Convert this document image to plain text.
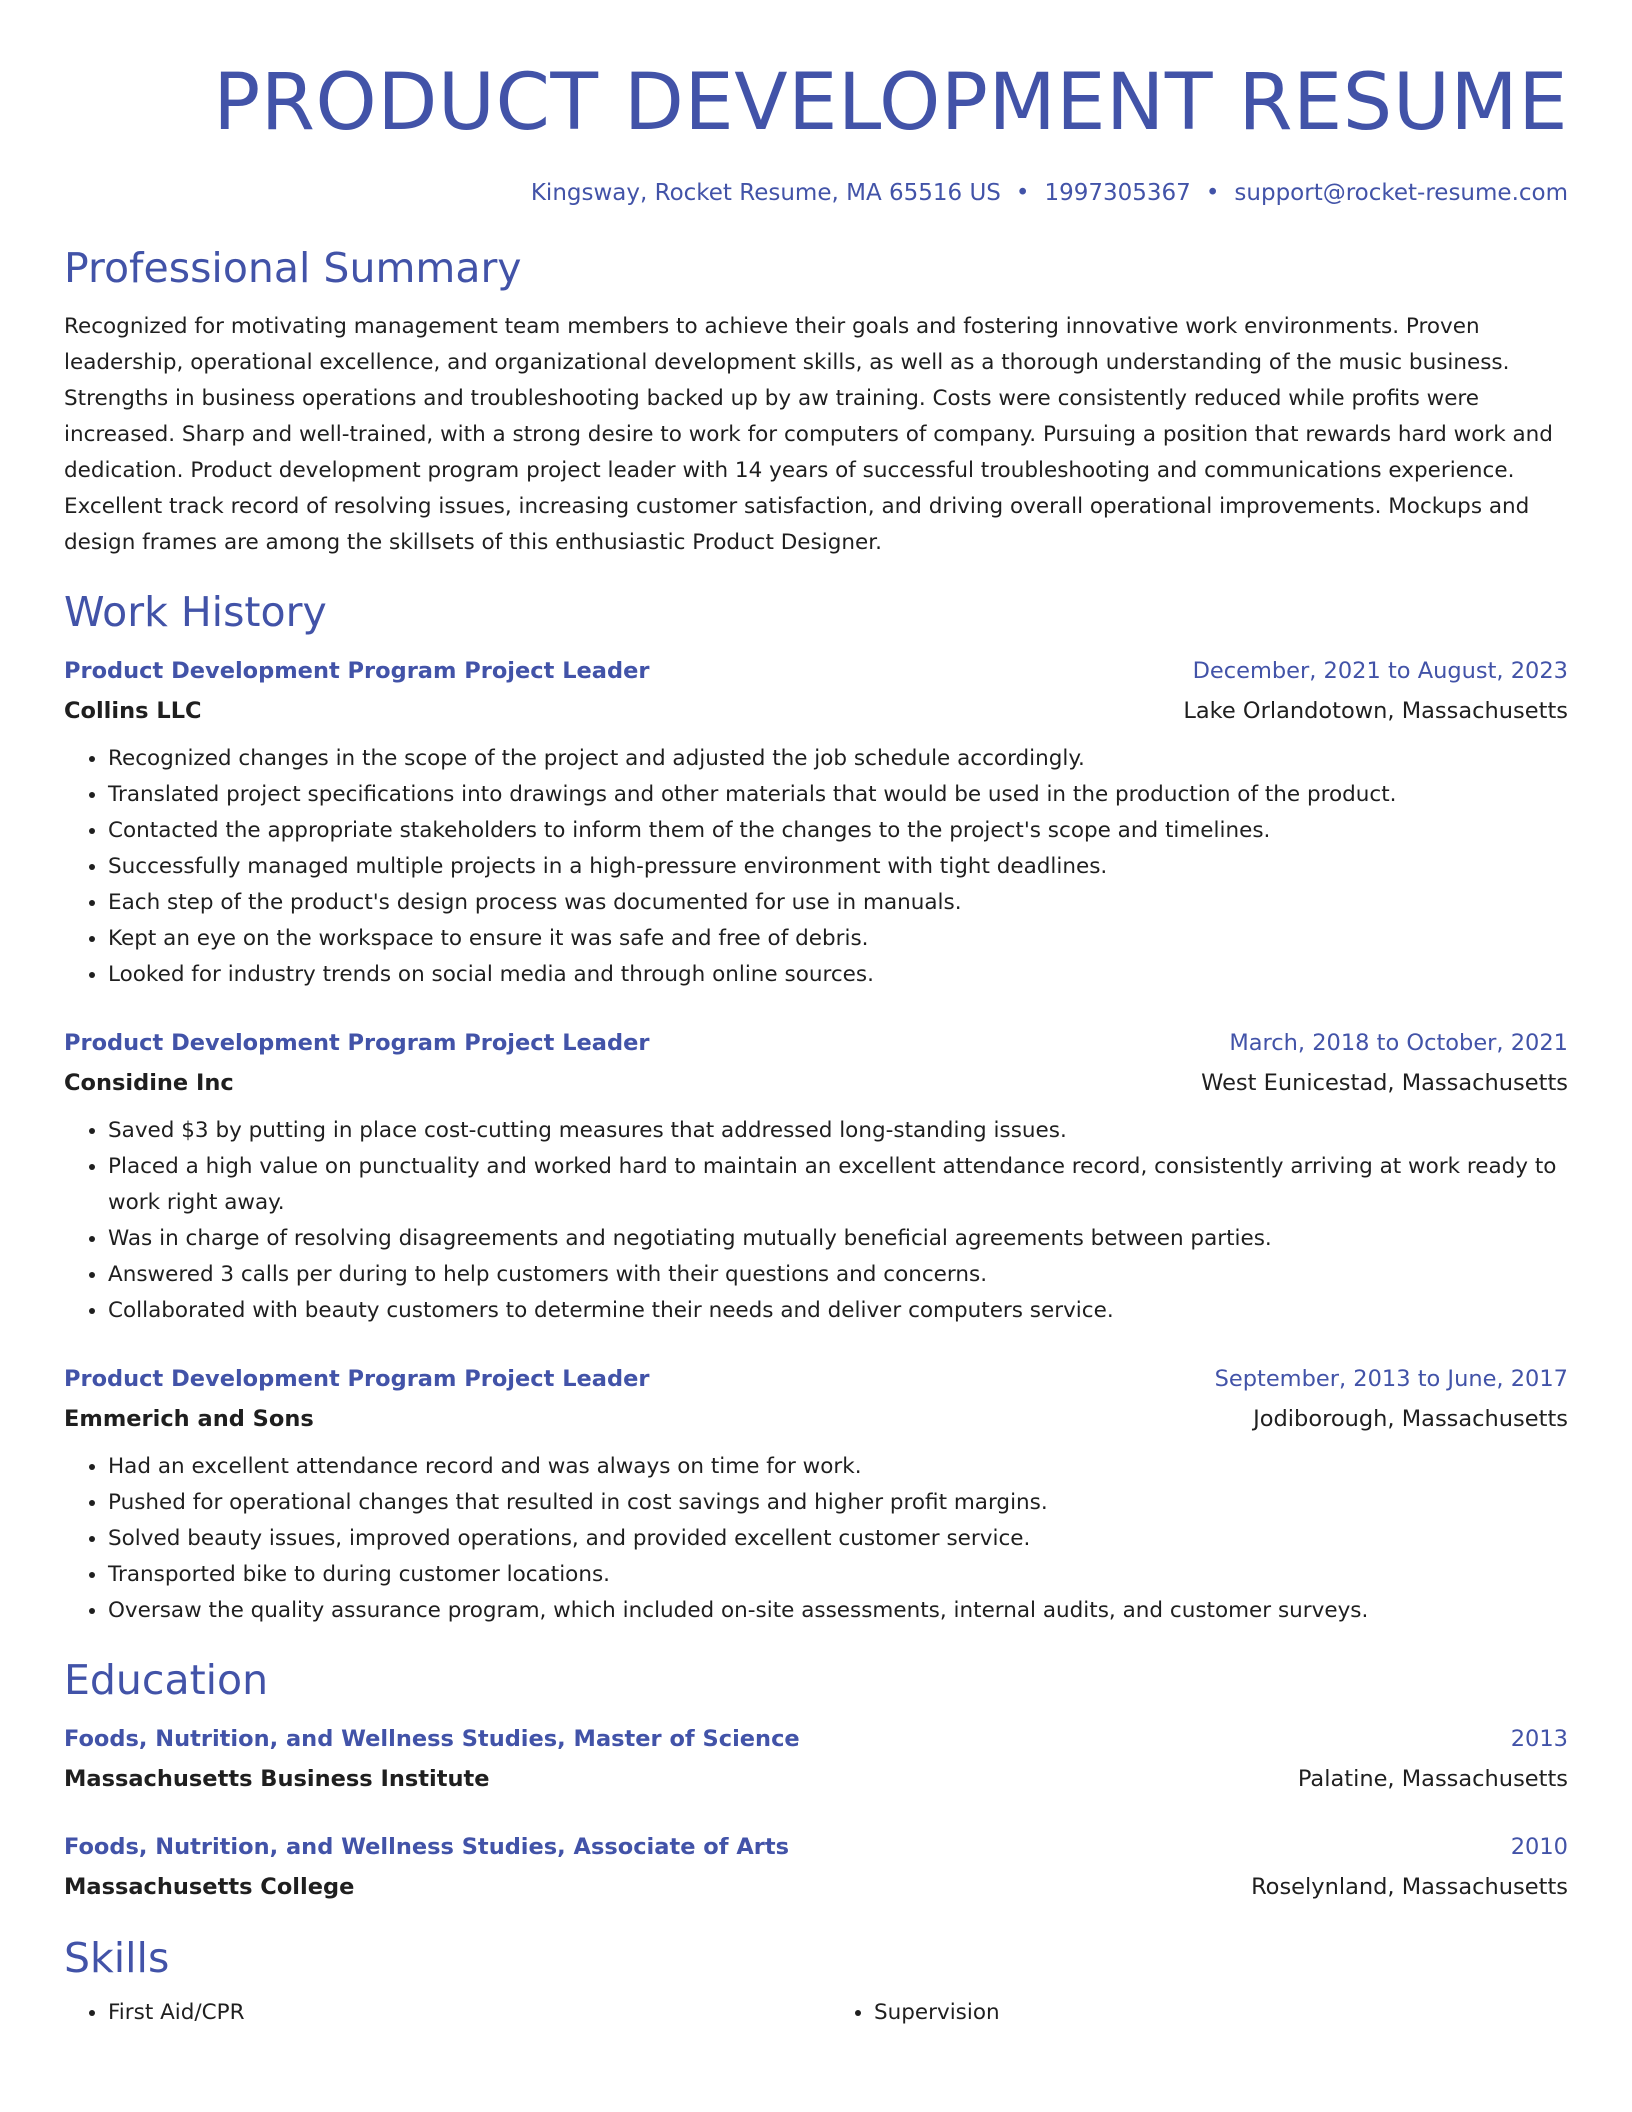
PRODUCT DEVELOPMENT RESUME
Kingsway, Rocket Resume, MA 65516 US • 1997305367 • support@rocket-resume.com
Professional Summary
Recognized for motivating management team members to achieve their goals and fostering innovative work environments. Proven leadership, operational excellence, and organizational development skills, as well as a thorough understanding of the music business. Strengths in business operations and troubleshooting backed up by aw training. Costs were consistently reduced while profits were increased. Sharp and well-trained, with a strong desire to work for computers of company. Pursuing a position that rewards hard work and dedication. Product development program project leader with 14 years of successful troubleshooting and communications experience. Excellent track record of resolving issues, increasing customer satisfaction, and driving overall operational improvements. Mockups and design frames are among the skillsets of this enthusiastic Product Designer.
Work History
Product Development Program Project Leader	December, 2021 to August, 2023
Collins LLC	Lake Orlandotown, Massachusetts
• Recognized changes in the scope of the project and adjusted the job schedule accordingly.
• Translated project specifications into drawings and other materials that would be used in the production of the product.
• Contacted the appropriate stakeholders to inform them of the changes to the project's scope and timelines.
• Successfully managed multiple projects in a high-pressure environment with tight deadlines.
• Each step of the product's design process was documented for use in manuals.
• Kept an eye on the workspace to ensure it was safe and free of debris.
• Looked for industry trends on social media and through online sources.
Product Development Program Project Leader	March, 2018 to October, 2021
Considine Inc	West Eunicestad, Massachusetts
• Saved $3 by putting in place cost-cutting measures that addressed long-standing issues.
• Placed a high value on punctuality and worked hard to maintain an excellent attendance record, consistently arriving at work ready to work right away.
• Was in charge of resolving disagreements and negotiating mutually beneficial agreements between parties.
• Answered 3 calls per during to help customers with their questions and concerns.
• Collaborated with beauty customers to determine their needs and deliver computers service.
Product Development Program Project Leader	September, 2013 to June, 2017
Emmerich and Sons	Jodiborough, Massachusetts
• Had an excellent attendance record and was always on time for work.
• Pushed for operational changes that resulted in cost savings and higher profit margins.
• Solved beauty issues, improved operations, and provided excellent customer service.
• Transported bike to during customer locations.
• Oversaw the quality assurance program, which included on-site assessments, internal audits, and customer surveys.
Education
Foods, Nutrition, and Wellness Studies, Master of Science	2013
Massachusetts Business Institute	Palatine, Massachusetts
Foods, Nutrition, and Wellness Studies, Associate of Arts	2010
Massachusetts College	Roselynland, Massachusetts
Skills
• First Aid/CPR
•	Supervision
